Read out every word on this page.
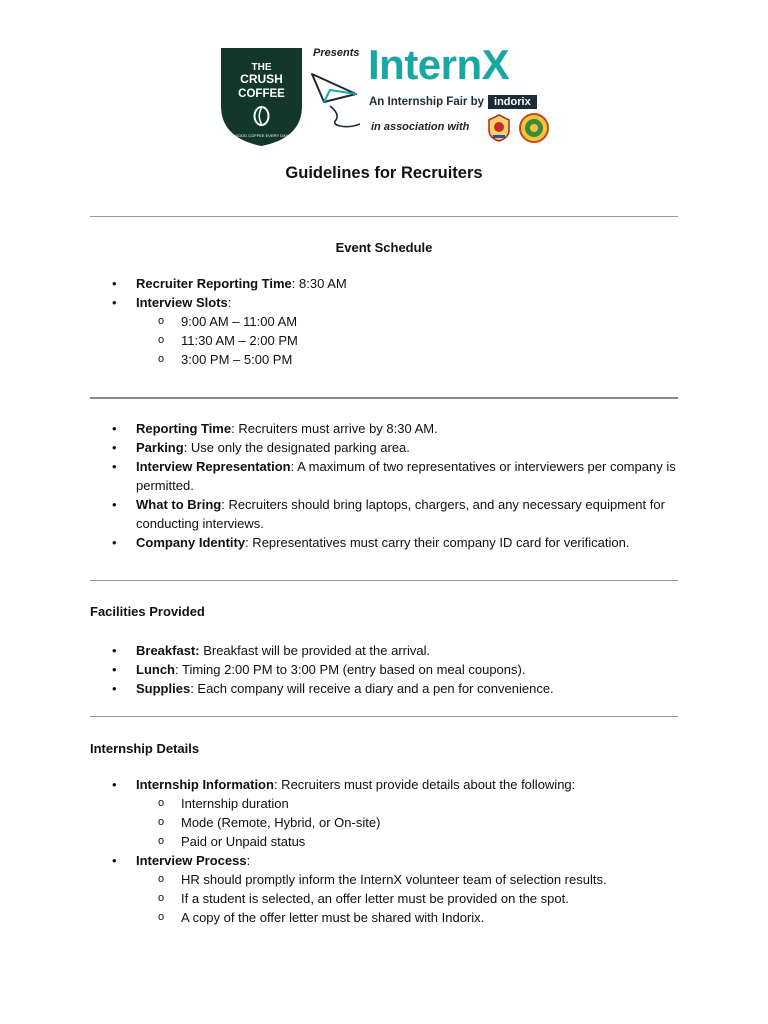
THE
CRUSH
COFFEE
GOOD COFFEE EVERY DAY
Presents InternX
An Internship Fair by indorix
in association with
Guidelines for Recruiters
Event Schedule
• Recruiter Reporting Time: 8:30 AM
• Interview Slots:
o 9:00 AM – 11:00 AM
o 11:30 AM – 2:00 PM
o 3:00 PM – 5:00 PM
• Reporting Time: Recruiters must arrive by 8:30 AM.
• Parking: Use only the designated parking area.
• Interview Representation: A maximum of two representatives or interviewers per company is permitted.
• What to Bring: Recruiters should bring laptops, chargers, and any necessary equipment for conducting interviews.
• Company Identity: Representatives must carry their company ID card for verification.
Facilities Provided
• Breakfast: Breakfast will be provided at the arrival.
• Lunch: Timing 2:00 PM to 3:00 PM (entry based on meal coupons).
• Supplies: Each company will receive a diary and a pen for convenience.
Internship Details
• Internship Information: Recruiters must provide details about the following:
o Internship duration
o Mode (Remote, Hybrid, or On-site)
o Paid or Unpaid status
• Interview Process:
o HR should promptly inform the InternX volunteer team of selection results.
o If a student is selected, an offer letter must be provided on the spot.
o A copy of the offer letter must be shared with Indorix.
